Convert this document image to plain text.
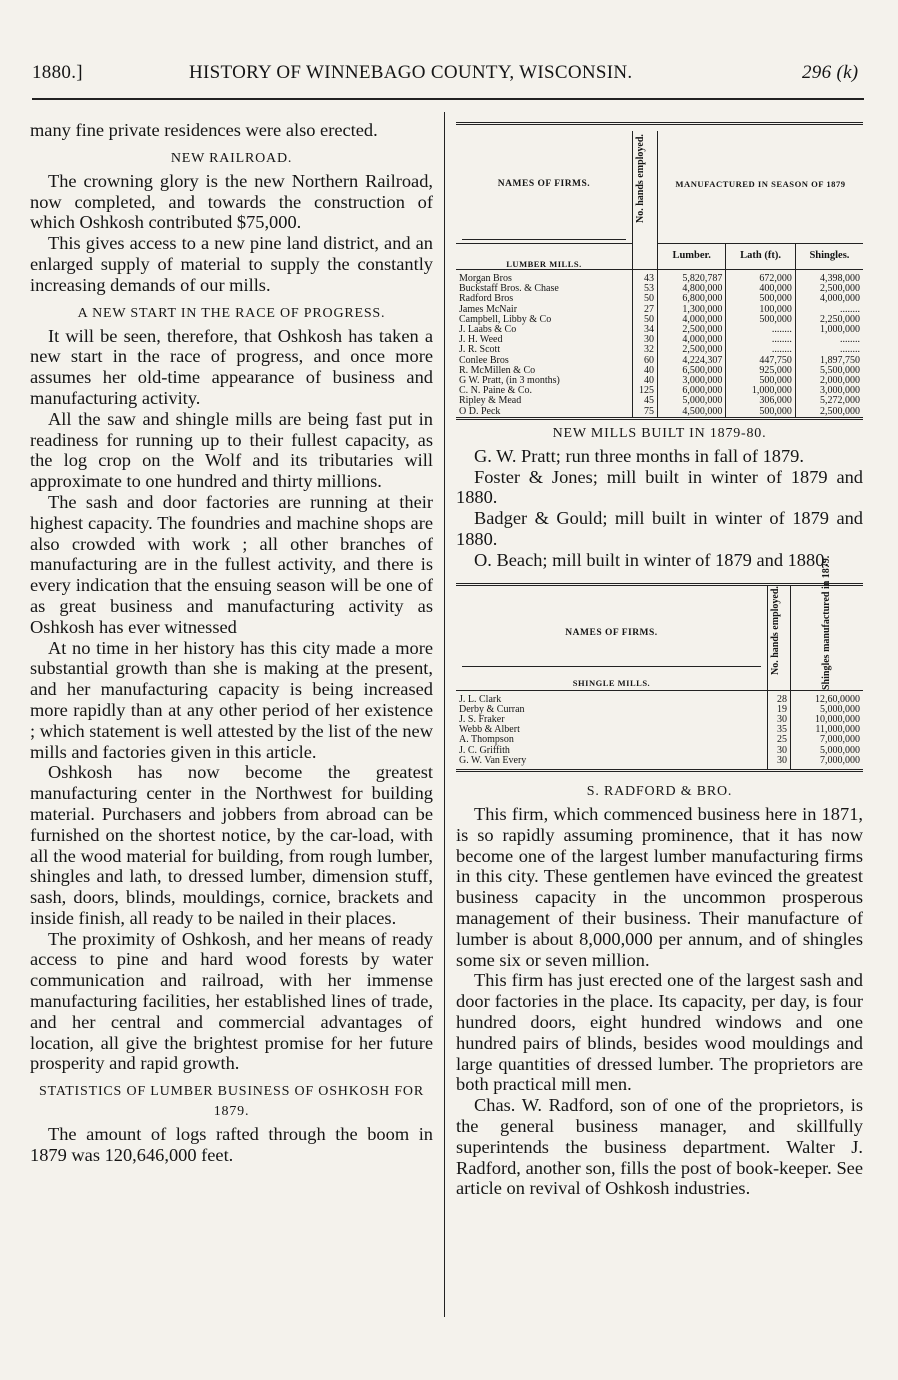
1880.]	HISTORY OF WINNEBAGO COUNTY, WISCONSIN.	296 (k)

many fine private residences were also erected.

NEW RAILROAD.

The crowning glory is the new Northern Railroad, now completed, and towards the construction of which Oshkosh contributed $75,000.

This gives access to a new pine land district, and an enlarged supply of material to supply the constantly increasing demands of our mills.

A NEW START IN THE RACE OF PROGRESS.

It will be seen, therefore, that Oshkosh has taken a new start in the race of progress, and once more assumes her old-time appearance of business and manufacturing activity.

All the saw and shingle mills are being fast put in readiness for running up to their fullest capacity, as the log crop on the Wolf and its tributaries will approximate to one hundred and thirty millions.

The sash and door factories are running at their highest capacity. The foundries and machine shops are also crowded with work ; all other branches of manufacturing are in the fullest activity, and there is every indication that the ensuing season will be one of as great business and manufacturing activity as Oshkosh has ever witnessed

At no time in her history has this city made a more substantial growth than she is making at the present, and her manufacturing capacity is being increased more rapidly than at any other period of her existence ; which statement is well attested by the list of the new mills and factories given in this article.

Oshkosh has now become the greatest manufacturing center in the Northwest for building material. Purchasers and jobbers from abroad can be furnished on the shortest notice, by the car-load, with all the wood material for building, from rough lumber, shingles and lath, to dressed lumber, dimension stuff, sash, doors, blinds, mouldings, cornice, brackets and inside finish, all ready to be nailed in their places.

The proximity of Oshkosh, and her means of ready access to pine and hard wood forests by water communication and railroad, with her immense manufacturing facilities, her established lines of trade, and her central and commercial advantages of location, all give the brightest promise for her future prosperity and rapid growth.

STATISTICS OF LUMBER BUSINESS OF OSHKOSH FOR 1879.

The amount of logs rafted through the boom in 1879 was 120,646,000 feet.

NAMES OF FIRMS.
LUMBER MILLS.	No. hands employed.	MANUFACTURED IN SEASON OF 1879		

		Lumber.	Lath (ft).	Shingles.
Morgan Bros	43	5,820,787	672,000	4,398,000
Buckstaff Bros. & Chase	53	4,800,000	400,000	2,500,000
Radford Bros	50	6,800,000	500,000	4,000,000
James McNair	27	1,300,000	100,000	........
Campbell, Libby & Co	50	4,000,000	500,000	2,250,000
J. Laabs & Co	34	2,500,000	........	1,000,000
J. H. Weed	30	4,000,000	........	........
J. R. Scott	32	2,500,000	........	........
Conlee Bros	60	4,224,307	447,750	1,897,750
R. McMillen & Co	40	6,500,000	925,000	5,500,000
G W. Pratt, (in 3 months)	40	3,000,000	500,000	2,000,000
C. N. Paine & Co.	125	6,000,000	1,000,000	3,000,000
Ripley & Mead	45	5,000,000	306,000	5,272,000
O D. Peck	75	4,500,000	500,000	2,500,000
NEW MILLS BUILT IN 1879-80.

G. W. Pratt; run three months in fall of 1879.

Foster & Jones; mill built in winter of 1879 and 1880.

Badger & Gould; mill built in winter of 1879 and 1880.

O. Beach; mill built in winter of 1879 and 1880.

NAMES OF FIRMS.
SHINGLE MILLS.	No. hands employed.	Shingles manufactured in 1879.

J. L. Clark	28	12,60,0000
Derby & Curran	19	5,000,000
J. S. Fraker	30	10,000,000
Webb & Albert	35	11,000,000
A. Thompson	25	7,000,000
J. C. Griffith	30	5,000,000
G. W. Van Every	30	7,000,000
S. RADFORD & BRO.

This firm, which commenced business here in 1871, is so rapidly assuming prominence, that it has now become one of the largest lumber manufacturing firms in this city. These gentlemen have evinced the greatest business capacity in the uncommon prosperous management of their business. Their manufacture of lumber is about 8,000,000 per annum, and of shingles some six or seven million.

This firm has just erected one of the largest sash and door factories in the place. Its capacity, per day, is four hundred doors, eight hundred windows and one hundred pairs of blinds, besides wood mouldings and large quantities of dressed lumber. The proprietors are both practical mill men.

Chas. W. Radford, son of one of the proprietors, is the general business manager, and skillfully superintends the business department. Walter J. Radford, another son, fills the post of book-keeper. See article on revival of Oshkosh industries.
